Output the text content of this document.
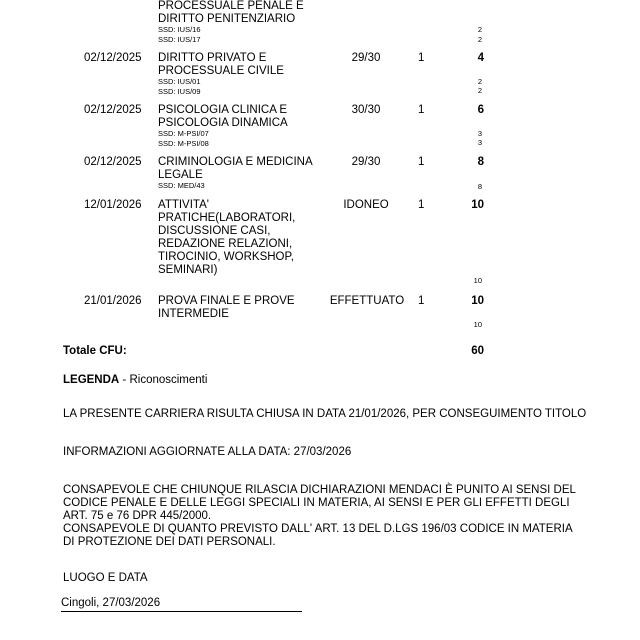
PROCESSUALE PENALE E
DIRITTO PENITENZIARIO
SSD: IUS/16
SSD: IUS/17
2
2
02/12/2025 DIRITTO PRIVATO E
PROCESSUALE CIVILE
29/30	1	4
SSD: IUS/01
SSD: IUS/09
2
2
02/12/2025 PSICOLOGIA CLINICA E
PSICOLOGIA DINAMICA
30/30	1	6
SSD: M-PSI/07
SSD: M-PSI/08
3
3
02/12/2025 CRIMINOLOGIA E MEDICINA
LEGALE
29/30	1	8
SSD: MED/43	8
12/01/2026 ATTIVITA'
PRATICHE(LABORATORI,
DISCUSSIONE CASI,
REDAZIONE RELAZIONI,
TIROCINIO, WORKSHOP,
SEMINARI)
IDONEO	1	10
10
21/01/2026 PROVA FINALE E PROVE
INTERMEDIE
EFFETTUATO	1	10
10
Totale CFU:	60
LEGENDA - Riconoscimenti
LA PRESENTE CARRIERA RISULTA CHIUSA IN DATA 21/01/2026, PER CONSEGUIMENTO TITOLO
INFORMAZIONI AGGIORNATE ALLA DATA: 27/03/2026
CONSAPEVOLE CHE CHIUNQUE RILASCIA DICHIARAZIONI MENDACI È PUNITO AI SENSI DEL
CODICE PENALE E DELLE LEGGI SPECIALI IN MATERIA, AI SENSI E PER GLI EFFETTI DEGLI
ART. 75 e 76 DPR 445/2000.
CONSAPEVOLE DI QUANTO PREVISTO DALL' ART. 13 DEL D.LGS 196/03 CODICE IN MATERIA
DI PROTEZIONE DEI DATI PERSONALI.
LUOGO E DATA
Cingoli, 27/03/2026
